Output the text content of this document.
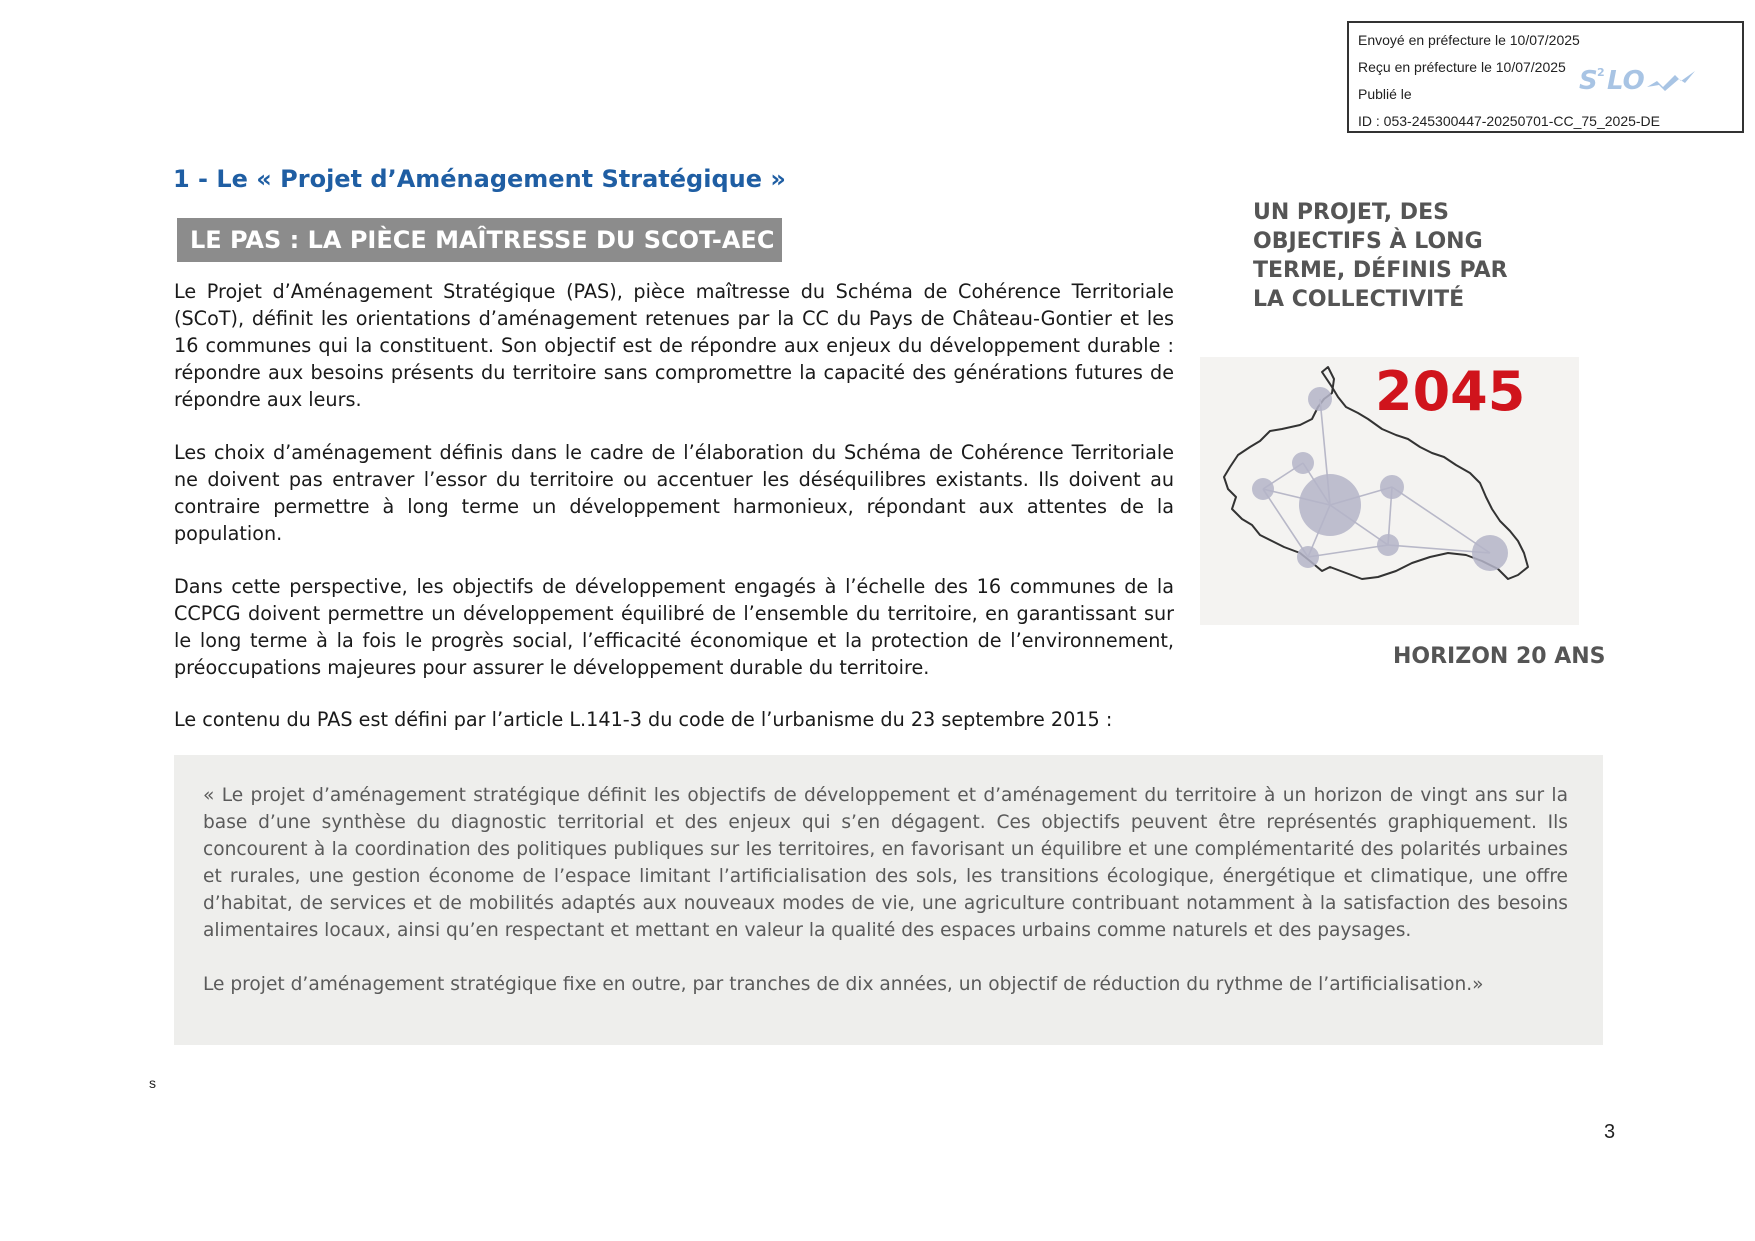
Envoyé en préfecture le 10/07/2025
Reçu en préfecture le 10/07/2025
Publié le
ID : 053-245300447-20250701-CC_75_2025-DE
S 2 LO
1 - Le « Projet d’Aménagement Stratégique »
LE PAS : LA PIÈCE MAÎTRESSE DU SCOT-AEC

Le Projet d’Aménagement Stratégique (PAS), pièce maîtresse du Schéma de Cohérence Territoriale (SCoT), définit les orientations d’aménagement retenues par la CC du Pays de Château-Gontier et les 16 communes qui la constituent. Son objectif est de répondre aux enjeux du développement durable : répondre aux besoins présents du territoire sans compromettre la capacité des générations futures de répondre aux leurs.

Les choix d’aménagement définis dans le cadre de l’élaboration du Schéma de Cohérence Territoriale ne doivent pas entraver l’essor du territoire ou accentuer les déséquilibres existants. Ils doivent au contraire permettre à long terme un développement harmonieux, répondant aux attentes de la population.

Dans cette perspective, les objectifs de développement engagés à l’échelle des 16 communes de la CCPCG doivent permettre un développement équilibré de l’ensemble du territoire, en garantissant sur le long terme à la fois le progrès social, l’efficacité économique et la protection de l’environnement, préoccupations majeures pour assurer le développement durable du territoire.

Le contenu du PAS est défini par l’article L.141-3 du code de l’urbanisme du 23 septembre 2015 :

UN PROJET, DES OBJECTIFS À LONG TERME, DÉFINIS PAR LA COLLECTIVITÉ
2045
HORIZON 20 ANS

« Le projet d’aménagement stratégique définit les objectifs de développement et d’aménagement du territoire à un horizon de vingt ans sur la base d’une synthèse du diagnostic territorial et des enjeux qui s’en dégagent. Ces objectifs peuvent être représentés graphiquement. Ils concourent à la coordination des politiques publiques sur les territoires, en favorisant un équilibre et une complémentarité des polarités urbaines et rurales, une gestion économe de l’espace limitant l’artificialisation des sols, les transitions écologique, énergétique et climatique, une offre d’habitat, de services et de mobilités adaptés aux nouveaux modes de vie, une agriculture contribuant notamment à la satisfaction des besoins alimentaires locaux, ainsi qu’en respectant et mettant en valeur la qualité des espaces urbains comme naturels et des paysages.

Le projet d’aménagement stratégique fixe en outre, par tranches de dix années, un objectif de réduction du rythme de l’artificialisation.»

s
3
